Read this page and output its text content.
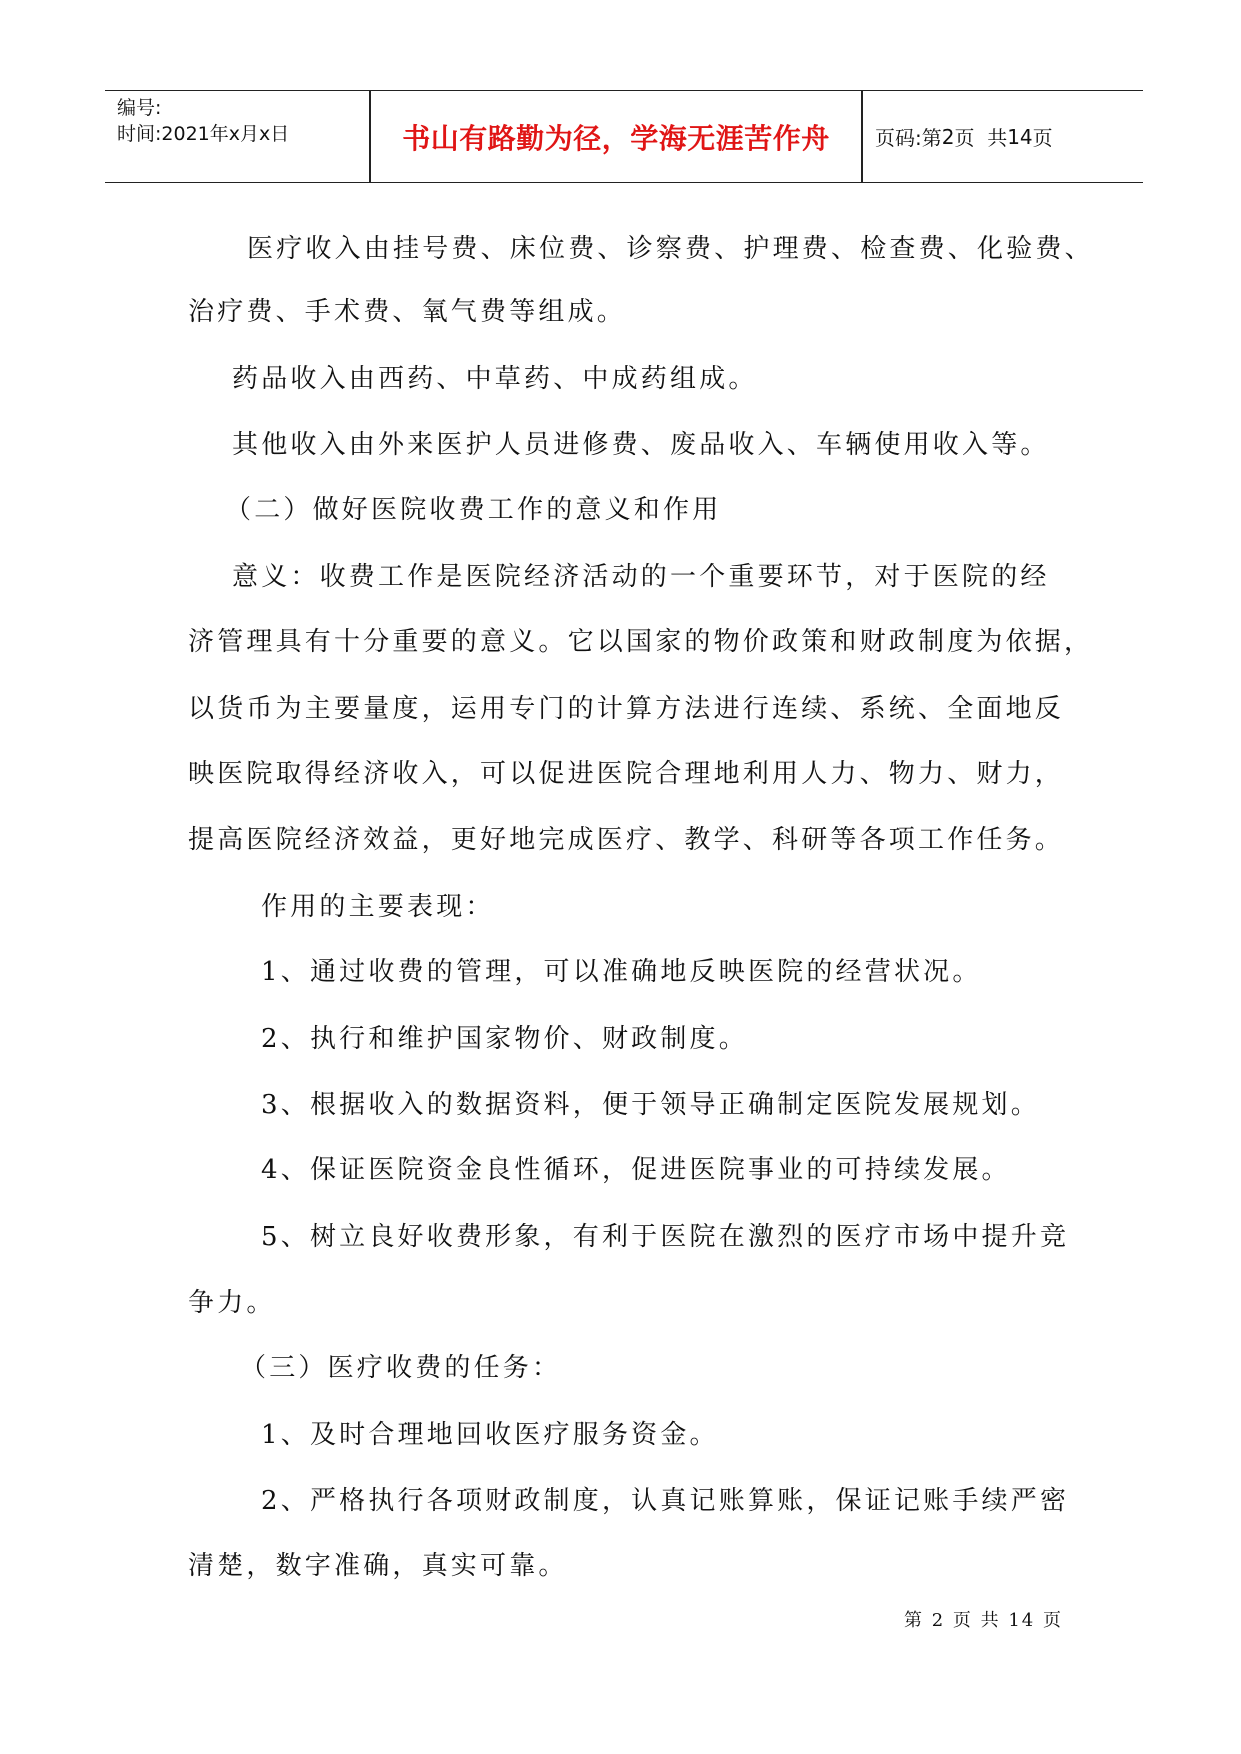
编号:
时间:2021年x月x日	书山有路勤为径，学海无涯苦作舟	页码:第 2 页  共 14 页
医疗收入由挂号费、床位费、诊察费、护理费、检查费、化验费、
治疗费、手术费、氧气费等组成。
药品收入由西药、中草药、中成药组成。
其他收入由外来医护人员进修费、废品收入、车辆使用收入等。
（二）做好医院收费工作的意义和作用
意义：收费工作是医院经济活动的一个重要环节，对于医院的经
济管理具有十分重要的意义。它以国家的物价政策和财政制度为依据，
以货币为主要量度，运用专门的计算方法进行连续、系统、全面地反
映医院取得经济收入，可以促进医院合理地利用人力、物力、财力，
提高医院经济效益，更好地完成医疗、教学、科研等各项工作任务。
作用的主要表现：
1、通过收费的管理，可以准确地反映医院的经营状况。
2、执行和维护国家物价、财政制度。
3、根据收入的数据资料，便于领导正确制定医院发展规划。
4、保证医院资金良性循环，促进医院事业的可持续发展。
5、树立良好收费形象，有利于医院在激烈的医疗市场中提升竞
争力。
（三）医疗收费的任务：
1、及时合理地回收医疗服务资金。
2、严格执行各项财政制度，认真记账算账，保证记账手续严密
清楚，数字准确，真实可靠。
第 2 页 共 14 页
